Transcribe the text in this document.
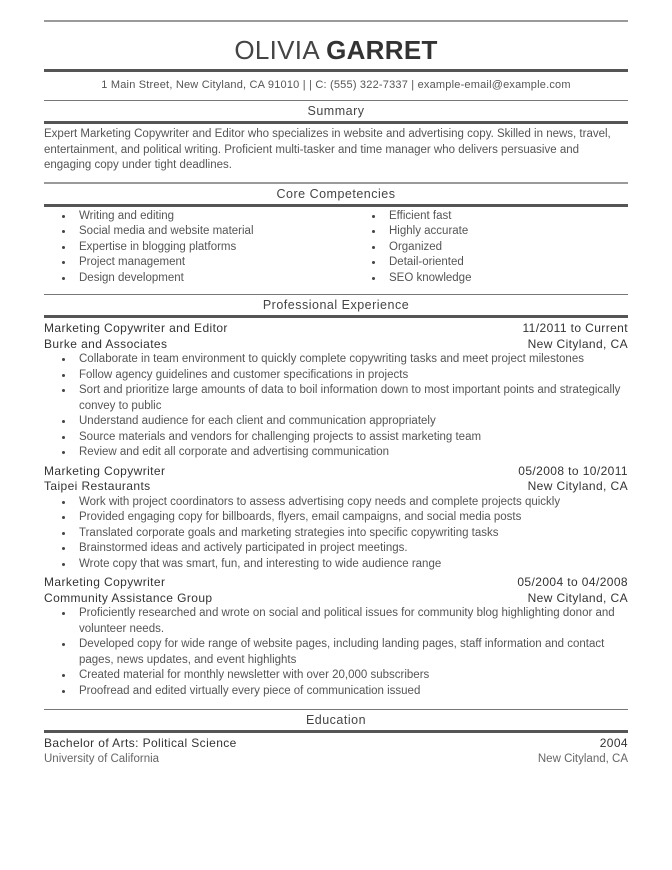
OLIVIA GARRET
1 Main Street, New Cityland, CA 91010 | | C: (555) 322-7337 | example-email@example.com
Summary
Expert Marketing Copywriter and Editor who specializes in website and advertising copy. Skilled in news, travel, entertainment, and political writing. Proficient multi-tasker and time manager who delivers persuasive and engaging copy under tight deadlines.
Core Competencies
Writing and editing
Social media and website material
Expertise in blogging platforms
Project management
Design development
Efficient fast
Highly accurate
Organized
Detail-oriented
SEO knowledge
Professional Experience
Marketing Copywriter and Editor	11/2011 to Current
Burke and Associates	New Cityland, CA
Collaborate in team environment to quickly complete copywriting tasks and meet project milestones
Follow agency guidelines and customer specifications in projects
Sort and prioritize large amounts of data to boil information down to most important points and strategically convey to public
Understand audience for each client and communication appropriately
Source materials and vendors for challenging projects to assist marketing team
Review and edit all corporate and advertising communication
Marketing Copywriter	05/2008 to 10/2011
Taipei Restaurants	New Cityland, CA
Work with project coordinators to assess advertising copy needs and complete projects quickly
Provided engaging copy for billboards, flyers, email campaigns, and social media posts
Translated corporate goals and marketing strategies into specific copywriting tasks
Brainstormed ideas and actively participated in project meetings.
Wrote copy that was smart, fun, and interesting to wide audience range
Marketing Copywriter	05/2004 to 04/2008
Community Assistance Group	New Cityland, CA
Proficiently researched and wrote on social and political issues for community blog highlighting donor and volunteer needs.
Developed copy for wide range of website pages, including landing pages, staff information and contact pages, news updates, and event highlights
Created material for monthly newsletter with over 20,000 subscribers
Proofread and edited virtually every piece of communication issued
Education
Bachelor of Arts: Political Science	2004
University of California	New Cityland, CA
